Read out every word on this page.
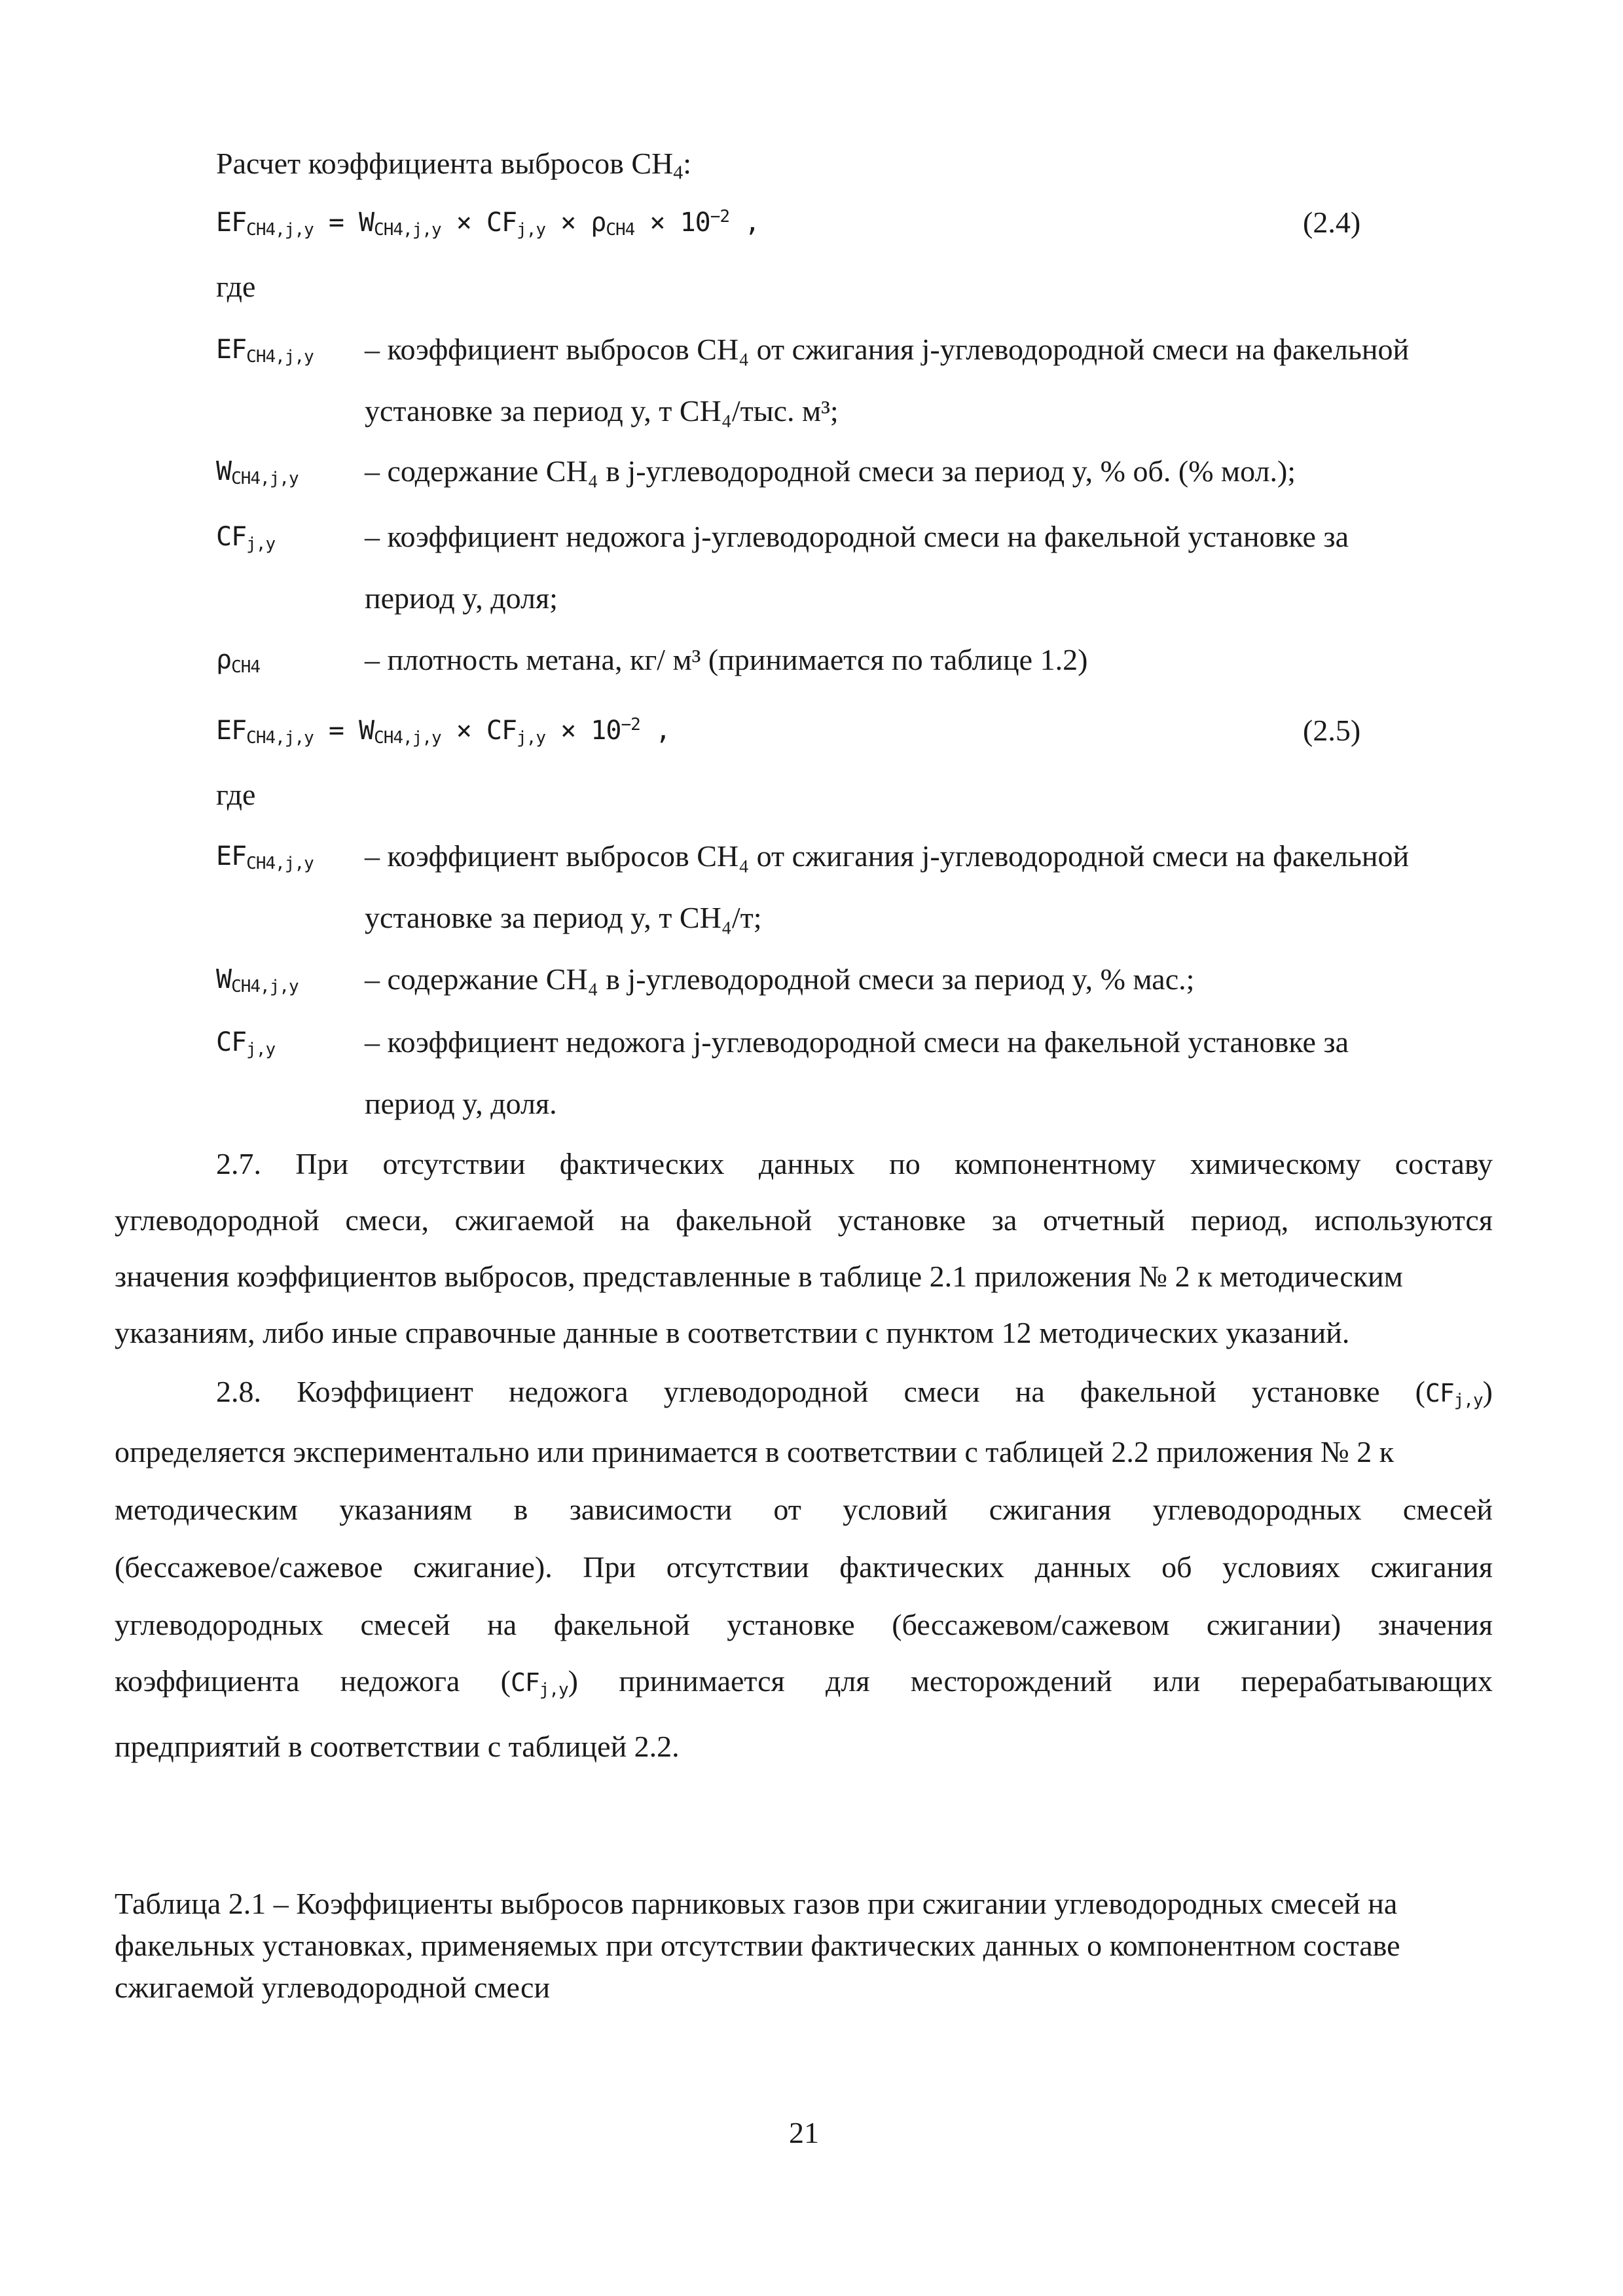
Расчет коэффициента выбросов CH4:
$EF_{CH4,j,y} = W_{CH4,j,y} \times CF_{j,y} \times \rho_{CH4} \times 10^{-2}$ ,	(2.4)
где
$EF_{CH4,j,y}$ – коэффициент выбросов CH₄ от сжигания j-углеводородной смеси на факельной
установке за период y, т CH₄/тыс. м³;
$W_{CH4,j,y}$ – содержание CH₄ в j-углеводородной смеси за период y, % об. (% мол.);
$CF_{j,y}$	– коэффициент недожога j-углеводородной смеси на факельной установке за
период y, доля;
$\rho_{CH4}$	– плотность метана, кг/ м³ (принимается по таблице 1.2)
$EF_{CH4,j,y} = W_{CH4,j,y} \times CF_{j,y} \times 10^{-2}$ ,	(2.5)
где
$EF_{CH4,j,y}$ – коэффициент выбросов CH₄ от сжигания j-углеводородной смеси на факельной
установке за период y, т CH₄/т;
$W_{CH4,j,y}$ – содержание CH₄ в j-углеводородной смеси за период y, % мас.;
$CF_{j,y}$	– коэффициент недожога j-углеводородной смеси на факельной установке за
период y, доля.
2.7. При отсутствии фактических данных по компонентному химическому составу
углеводородной смеси, сжигаемой на факельной установке за отчетный период, используются
значения коэффициентов выбросов, представленные в таблице 2.1 приложения № 2 к методическим
указаниям, либо иные справочные данные в соответствии с пунктом 12 методических указаний.
2.8. Коэффициент недожога углеводородной смеси на факельной установке $(CF_{j,y})$
определяется экспериментально или принимается в соответствии с таблицей 2.2 приложения № 2 к
методическим указаниям в зависимости от условий сжигания углеводородных смесей
(бессажевое/сажевое сжигание). При отсутствии фактических данных об условиях сжигания
углеводородных смесей на факельной установке (бессажевом/сажевом сжигании) значения
коэффициента недожога $(CF_{j,y})$ принимается для месторождений или перерабатывающих
предприятий в соответствии с таблицей 2.2.
Таблица 2.1 – Коэффициенты выбросов парниковых газов при сжигании углеводородных смесей на
факельных установках, применяемых при отсутствии фактических данных о компонентном составе
сжигаемой углеводородной смеси
21
